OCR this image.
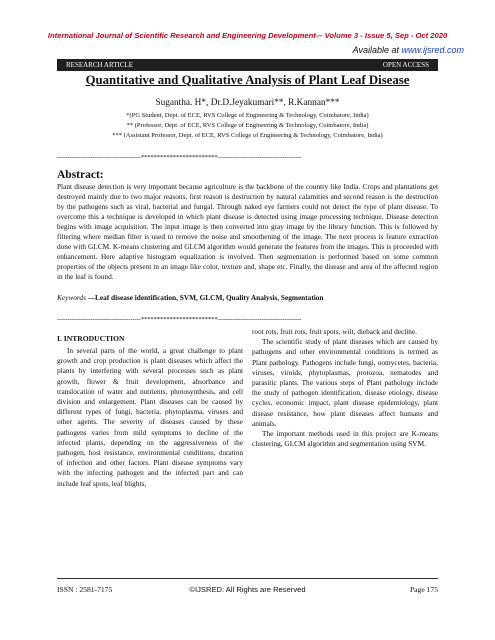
International Journal of Scientific Research and Engineering Development-– Volume 3 - Issue 5, Sep - Oct 2020
Available at www.ijsred.com
RESEARCH ARTICLE	OPEN ACCESS
Quantitative and Qualitative Analysis of Plant Leaf Disease
Sugantha. H*, Dr.D.Jeyakumari**, R.Kannan***
*(PG Student, Dept. of ECE, RVS College of Engineering & Technology, Coimbatore, India)
** (Professor, Dept. of ECE, RVS College of Engineering & Technology, Coimbatore, India)
*** (Assistant Professor, Dept. of ECE, RVS College of Engineering & Technology, Coimbatore, India)
----------------------------------------************************----------------------------------------
Abstract:
Plant disease detection is very important because agriculture is the backbone of the country like India. Crops and plantations get destroyed mainly due to two major reasons, first reason is destruction by natural calamities and second reason is the destruction by the pathogens such as viral, bacterial and fungal. Through naked eye farmers could not detect the type of plant disease. To overcome this a technique is developed in which plant disease is detected using image processing technique. Disease detection begins with image acquisition. The input image is then converted into gray image by the library function. This is followed by filtering where median filter is used to remove the noise and smoothening of the image. The next process is feature extraction done with GLCM. K-means clustering and GLCM algorithm would generate the features from the images. This is proceeded with enhancement. Here adaptive histogram equalization is involved. Then segmentation is performed based on some common properties of the objects present in an image like color, texture and, shape etc. Finally, the disease and area of the affected region in the leaf is found.
Keywords —Leaf disease identification, SVM, GLCM, Quality Analysis, Segmentation
----------------------------------------************************----------------------------------------
I. INTRODUCTION

In several parts of the world, a great challenge to plant growth and crop production is plant diseases which affect the plants by interfering with several processes such as plant growth, flower & fruit development, absorbance and translocation of water and nutrients, photosynthesis, and cell division and enlargement. Plant diseases can be caused by different types of fungi, bacteria, phytoplasma, viruses and other agents. The severity of diseases caused by these pathogens varies from mild symptoms to decline of the infected plants, depending on the aggressiveness of the pathogen, host resistance, environmental conditions, duration of infection and other factors. Plant disease symptoms vary with the infecting pathogen and the infected part and can include leaf spots, leaf blights,

root rots, fruit rots, fruit spots, wilt, dieback and decline.

The scientific study of plant diseases which are caused by pathogens and other environmental conditions is termed as Plant pathology. Pathogens include fungi, oomycetes, bacteria, viruses, viroids, phytoplasmas, protozoa, nematodes and parasitic plants. The various steps of Plant pathology include the study of pathogen identification, disease etiology, disease cycles, economic impact, plant disease epidemiology, plant disease resistance, how plant diseases affect humans and animals.

The important methods used in this project are K-means clustering, GLCM algorithm and segmentation using SVM.

ISSN : 2581-7175	©IJSRED: All Rights are Reserved	Page 175
